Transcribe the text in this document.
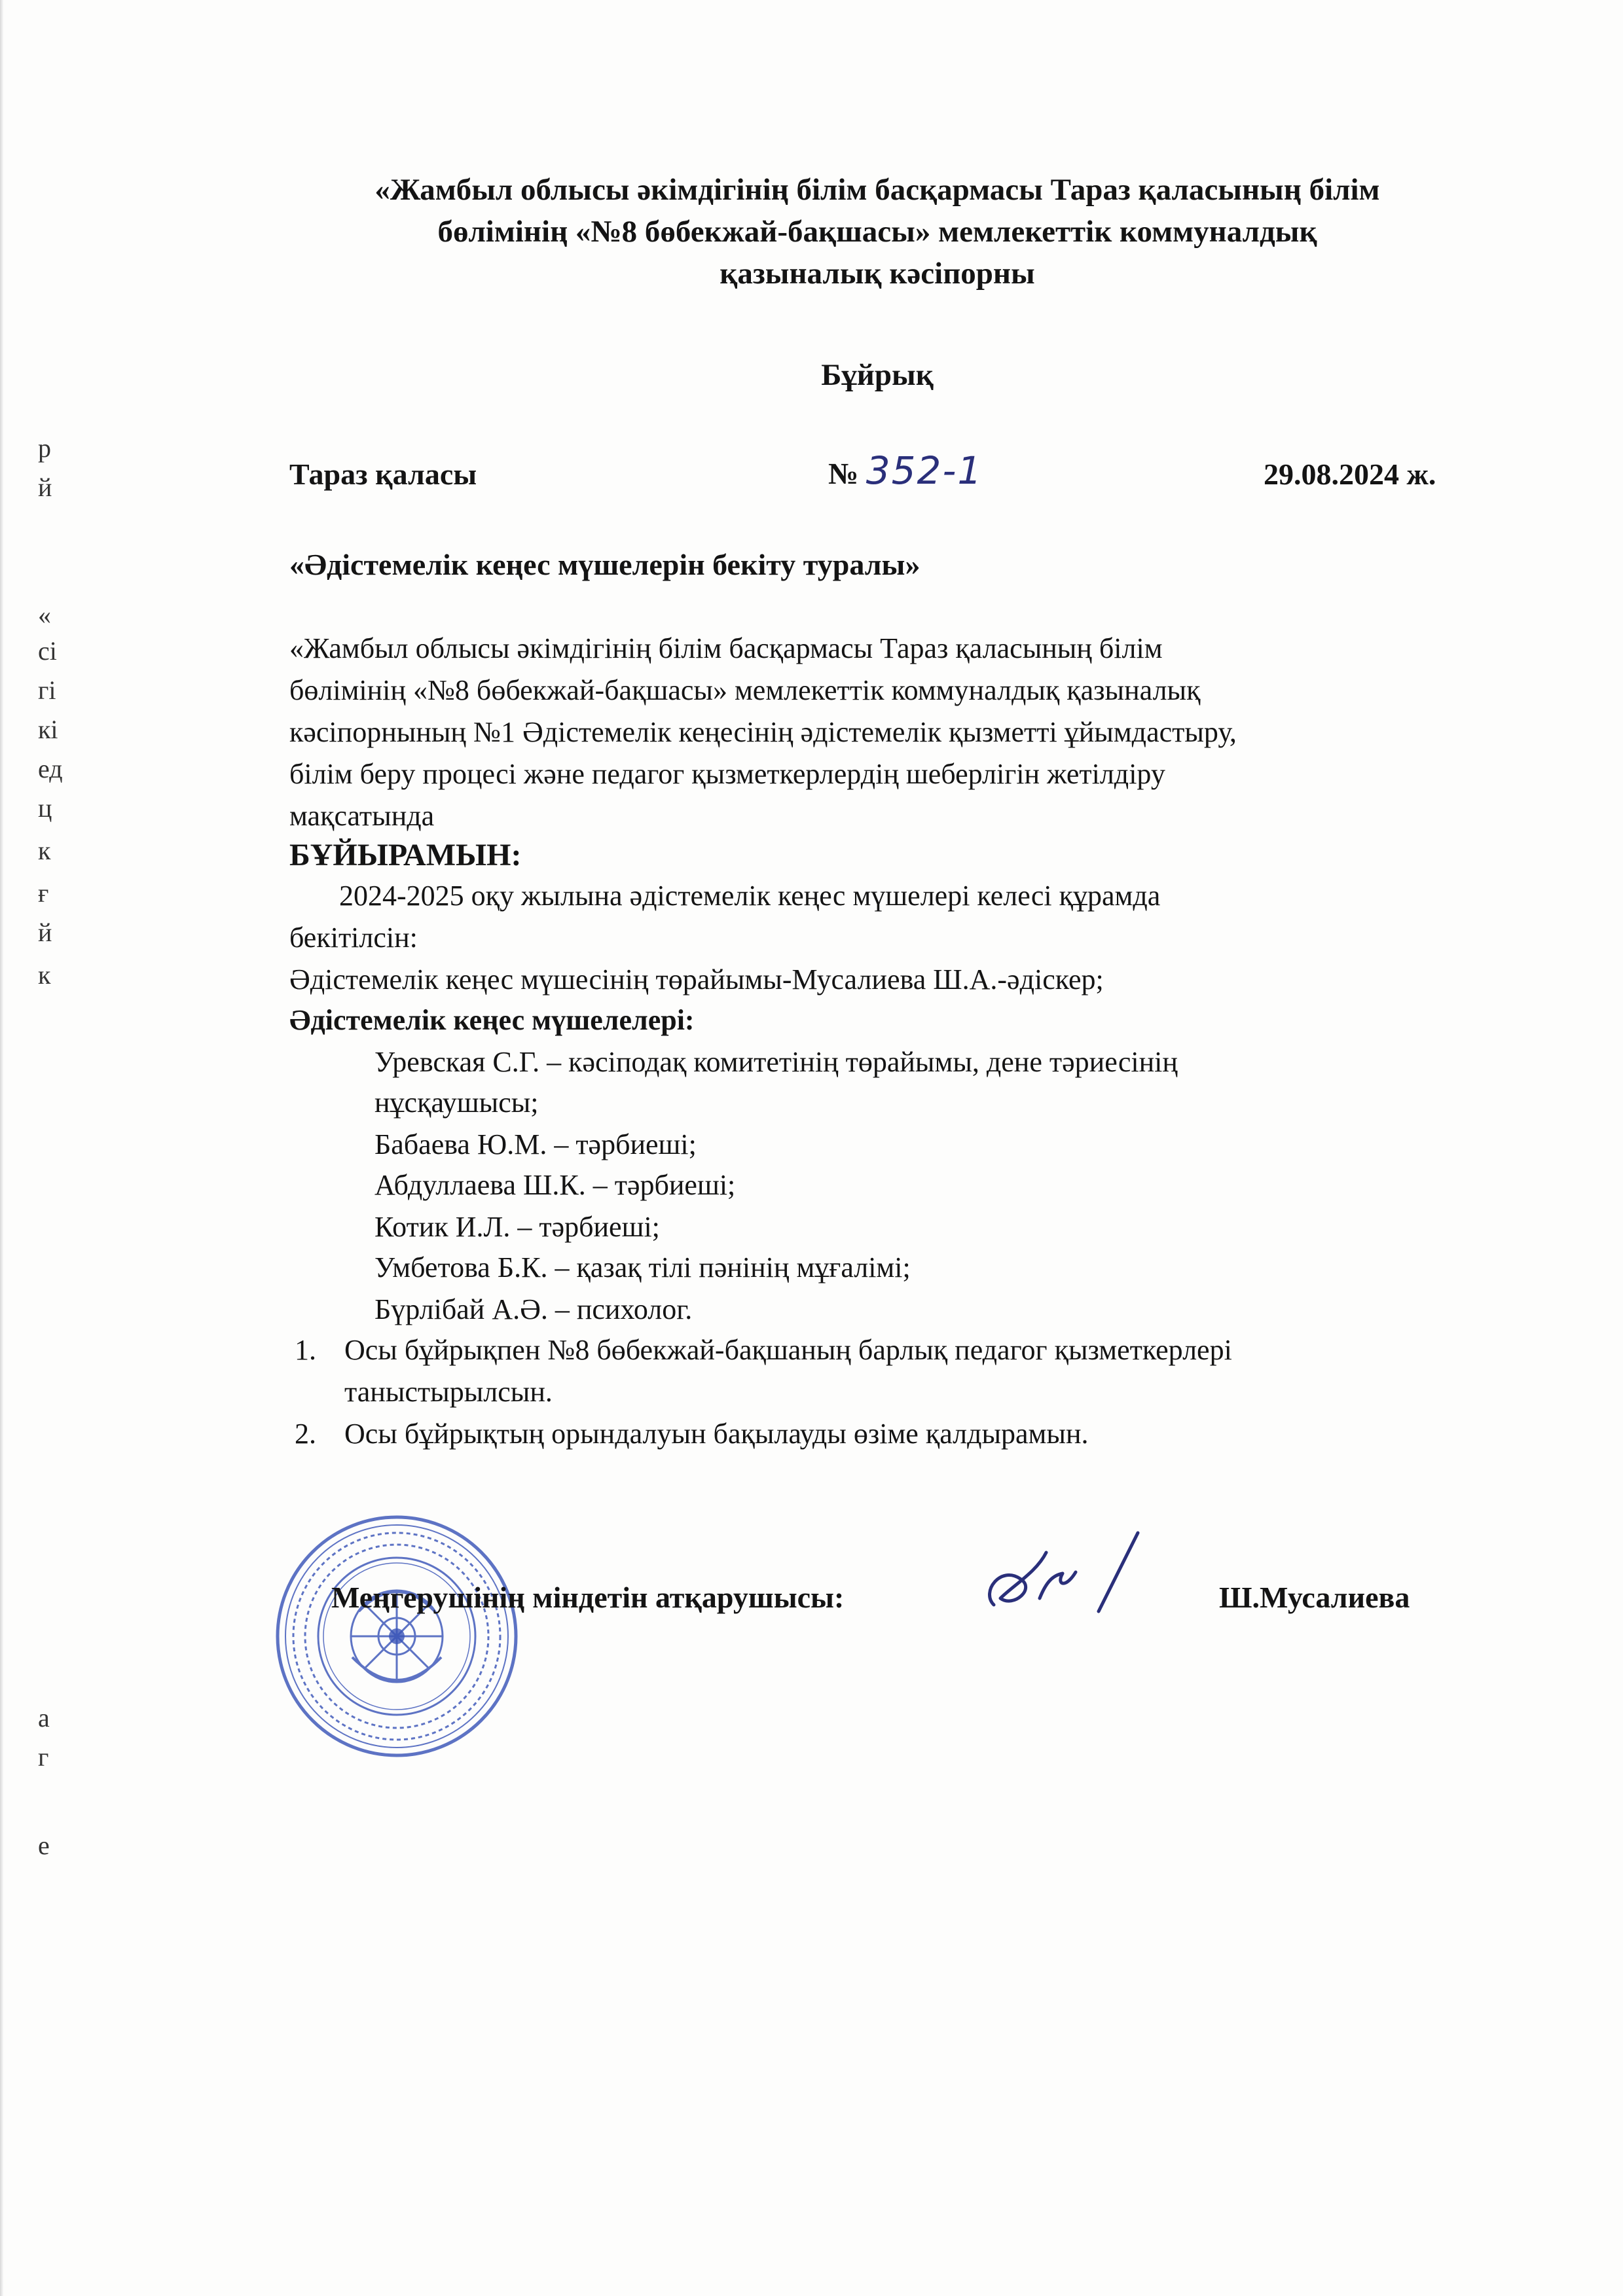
р
й
«
ci
гі
кі
ед
ц
к
ғ
й
к
а
г
е
«Жамбыл облысы әкімдігінің білім басқармасы Тараз қаласының білім
бөлімінің «№8 бөбекжай-бақшасы» мемлекеттік коммуналдық
қазыналық кәсіпорны
Бұйрық
Тараз қаласы	№ 352-1	29.08.2024 ж.
«Әдістемелік кеңес мүшелерін бекіту туралы»
«Жамбыл облысы әкімдігінің білім басқармасы Тараз қаласының білім
бөлімінің «№8 бөбекжай-бақшасы» мемлекеттік коммуналдық қазыналық
кәсіпорнының №1 Әдістемелік кеңесінің әдістемелік қызметті ұйымдастыру,
білім беру процесі және педагог қызметкерлердің шеберлігін жетілдіру
мақсатында
БҰЙЫРАМЫН:
2024-2025 оқу жылына әдістемелік кеңес мүшелері келесі құрамда
бекітілсін:
Әдістемелік кеңес мүшесінің төрайымы-Мусалиева Ш.А.-әдіскер;
Әдістемелік кеңес мүшелелері:
Уревская С.Г. – кәсіподақ комитетінің төрайымы, дене тәриесінің
нұсқаушысы;
Бабаева Ю.М. – тәрбиеші;
Абдуллаева Ш.К. – тәрбиеші;
Котик И.Л. – тәрбиеші;
Умбетова Б.К. – қазақ тілі пәнінің мұғалімі;
Бүрлібай А.Ә. – психолог.
1. Осы бұйрықпен №8 бөбекжай-бақшаның барлық педагог қызметкерлері
таныстырылсын.
2. Осы бұйрықтың орындалуын бақылауды өзіме қалдырамын.
Меңгерушінің міндетін атқарушысы:	Ш.Мусалиева
